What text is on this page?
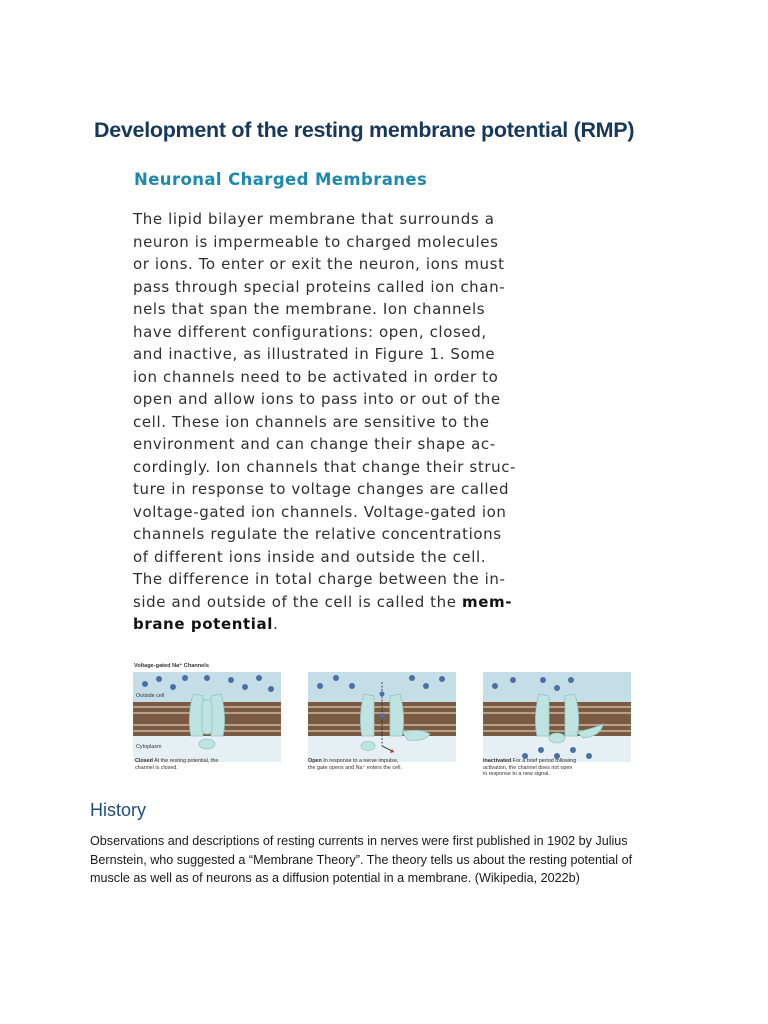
Development of the resting membrane potential (RMP)
Neuronal Charged Membranes
The lipid bilayer membrane that surrounds a
neuron is impermeable to charged molecules
or ions. To enter or exit the neuron, ions must
pass through special proteins called ion chan-
nels that span the membrane. Ion channels
have different configurations: open, closed,
and inactive, as illustrated in Figure 1. Some
ion channels need to be activated in order to
open and allow ions to pass into or out of the
cell. These ion channels are sensitive to the
environment and can change their shape ac-
cordingly. Ion channels that change their struc-
ture in response to voltage changes are called
voltage-gated ion channels. Voltage-gated ion
channels regulate the relative concentrations
of different ions inside and outside the cell.
The difference in total charge between the in-
side and outside of the cell is called the mem-
brane potential.
Voltage-gated Na⁺ Channels
Outside cell
Cytoplasm
Closed At the resting potential, the
channel is closed.
Open In response to a nerve impulse,
the gate opens and Na⁺ enters the cell.
Inactivated For a brief period following
activation, the channel does not open
in response to a new signal.
History
Observations and descriptions of resting currents in nerves were first published in 1902 by Julius
Bernstein, who suggested a “Membrane Theory”. The theory tells us about the resting potential of
muscle as well as of neurons as a diffusion potential in a membrane. (Wikipedia, 2022b)
